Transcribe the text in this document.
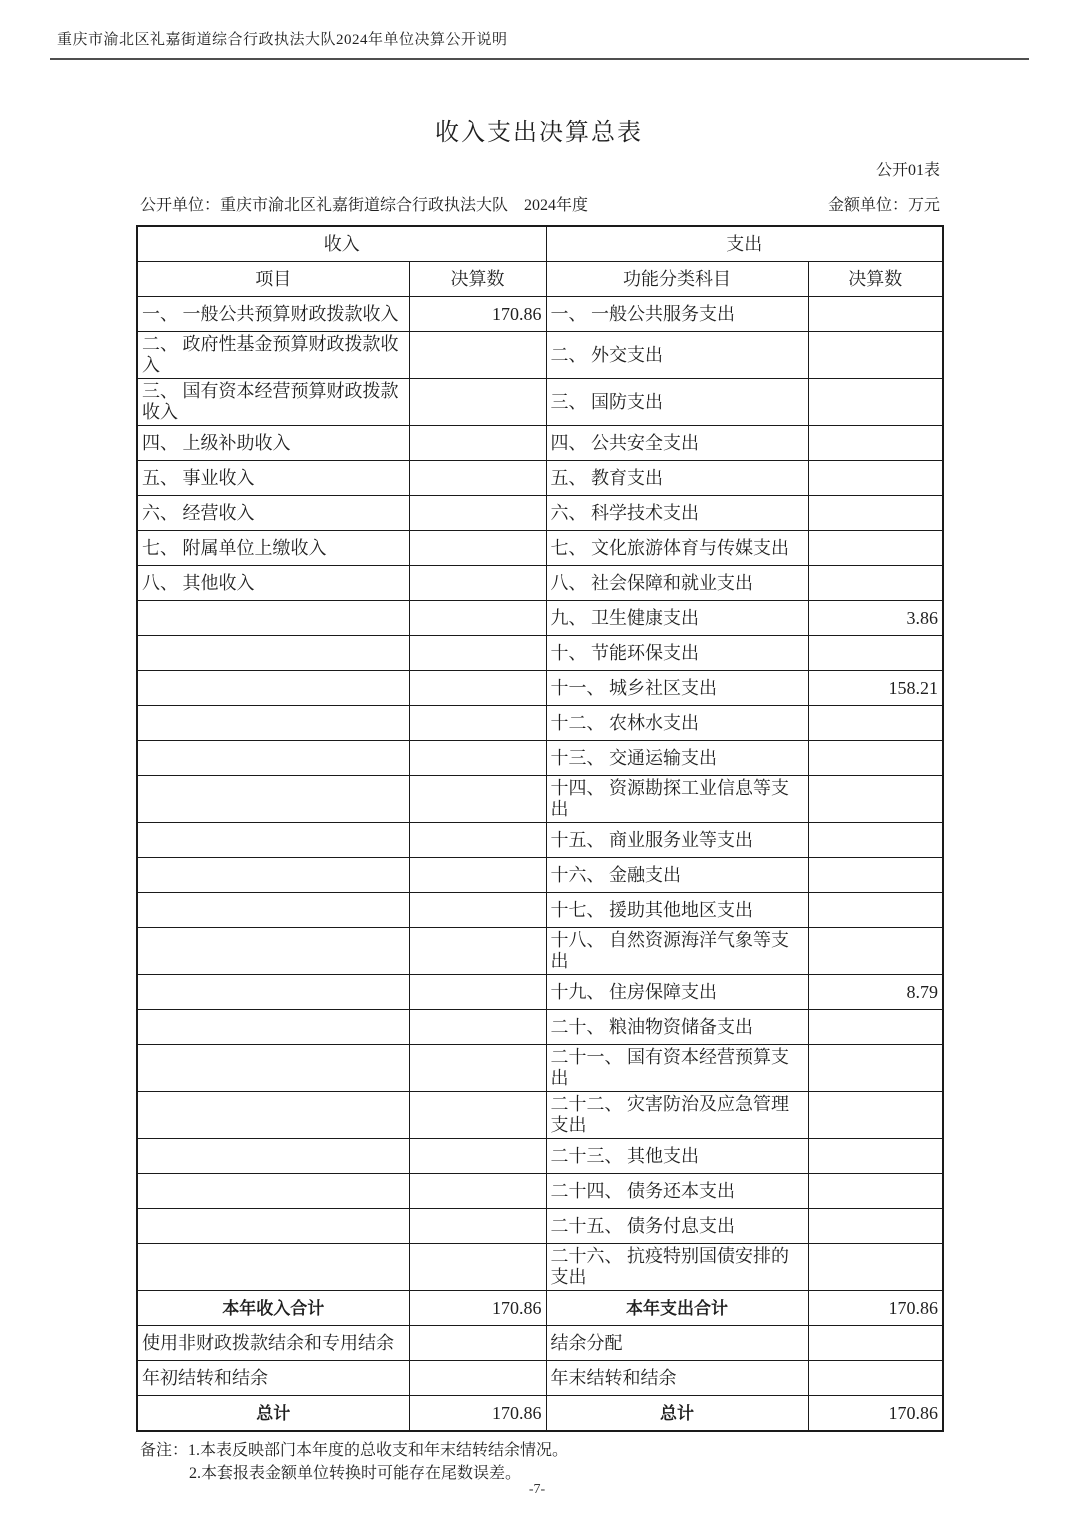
重庆市渝北区礼嘉街道综合行政执法大队2024年单位决算公开说明
收入支出决算总表
公开01表
公开单位：重庆市渝北区礼嘉街道综合行政执法大队　2024年度	金额单位：万元
收入		支出	
项目	决算数	功能分类科目	决算数
一、 一般公共预算财政拨款收入	170.86	一、 一般公共服务支出	
二、 政府性基金预算财政拨款收入		二、 外交支出	
三、 国有资本经营预算财政拨款收入		三、 国防支出	
四、 上级补助收入		四、 公共安全支出	
五、 事业收入		五、 教育支出	
六、 经营收入		六、 科学技术支出	
七、 附属单位上缴收入		七、 文化旅游体育与传媒支出	
八、 其他收入		八、 社会保障和就业支出	
		九、 卫生健康支出	3.86
		十、 节能环保支出	
		十一、 城乡社区支出	158.21
		十二、 农林水支出	
		十三、 交通运输支出	
		十四、 资源勘探工业信息等支出	
		十五、 商业服务业等支出	
		十六、 金融支出	
		十七、 援助其他地区支出	
		十八、 自然资源海洋气象等支出	
		十九、 住房保障支出	8.79
		二十、 粮油物资储备支出	
		二十一、 国有资本经营预算支出	
		二十二、 灾害防治及应急管理支出	
		二十三、 其他支出	
		二十四、 债务还本支出	
		二十五、 债务付息支出	
		二十六、 抗疫特别国债安排的支出	
本年收入合计	170.86	本年支出合计	170.86
使用非财政拨款结余和专用结余		结余分配	
年初结转和结余		年末结转和结余	
总计	170.86	总计	170.86
备注：1.本表反映部门本年度的总收支和年末结转结余情况。
2.本套报表金额单位转换时可能存在尾数误差。
-7-
